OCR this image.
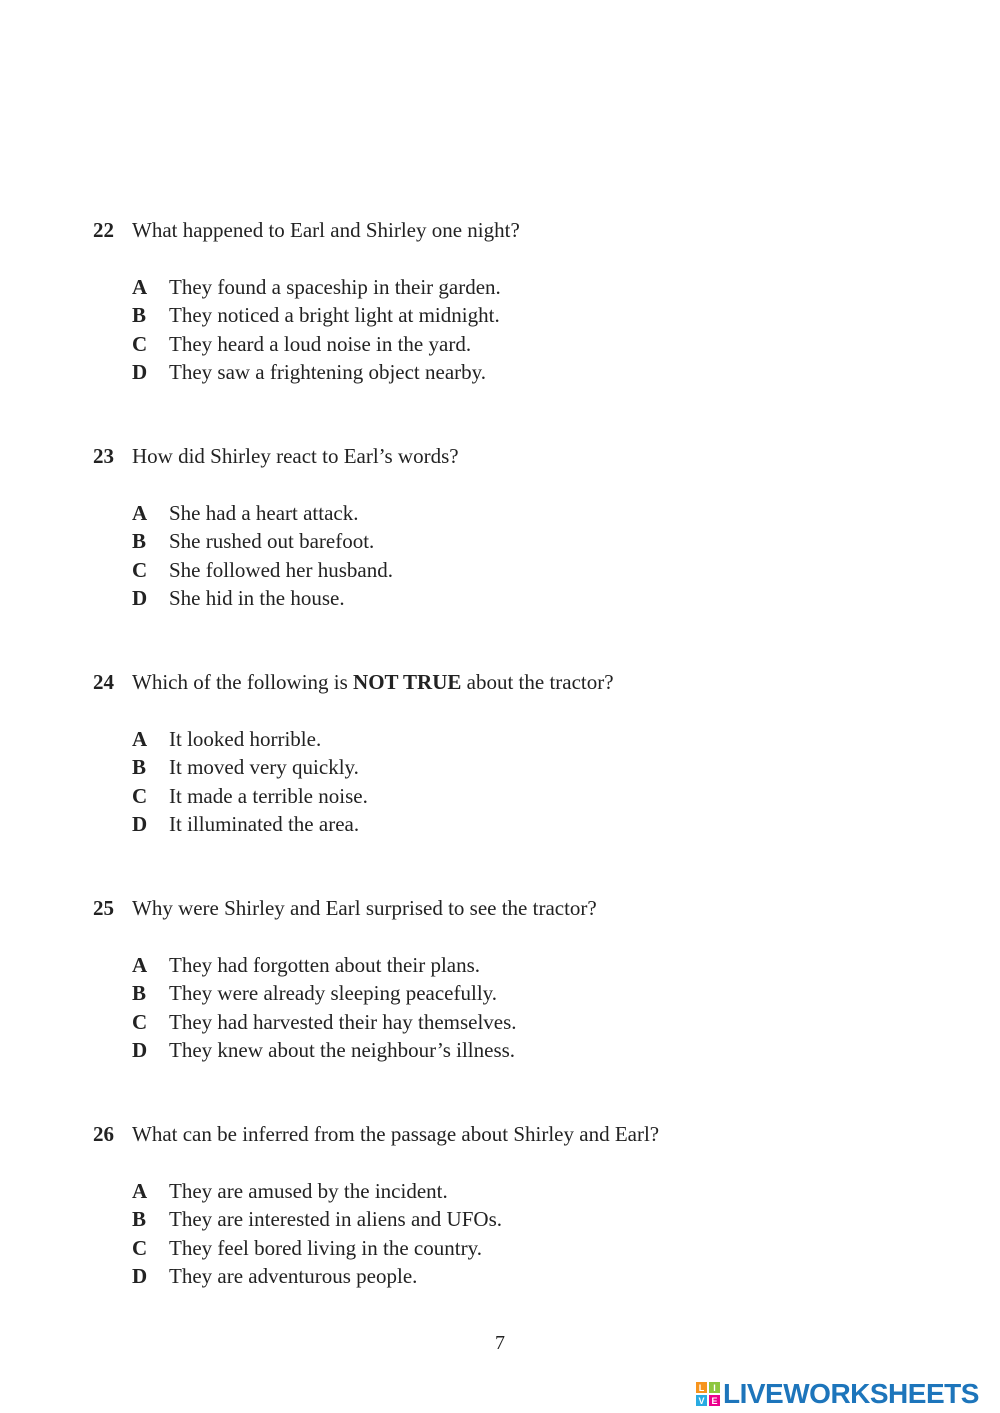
22 What happened to Earl and Shirley one night?
A They found a spaceship in their garden.
B They noticed a bright light at midnight.
C They heard a loud noise in the yard.
D They saw a frightening object nearby.
23 How did Shirley react to Earl’s words?
A She had a heart attack.
B She rushed out barefoot.
C She followed her husband.
D She hid in the house.
24 Which of the following is NOT TRUE about the tractor?
A It looked horrible.
B It moved very quickly.
C It made a terrible noise.
D It illuminated the area.
25 Why were Shirley and Earl surprised to see the tractor?
A They had forgotten about their plans.
B They were already sleeping peacefully.
C They had harvested their hay themselves.
D They knew about the neighbour’s illness.
26 What can be inferred from the passage about Shirley and Earl?
A They are amused by the incident.
B They are interested in aliens and UFOs.
C They feel bored living in the country.
D They are adventurous people.
7
L I
V E LIVEWORKSHEETS
